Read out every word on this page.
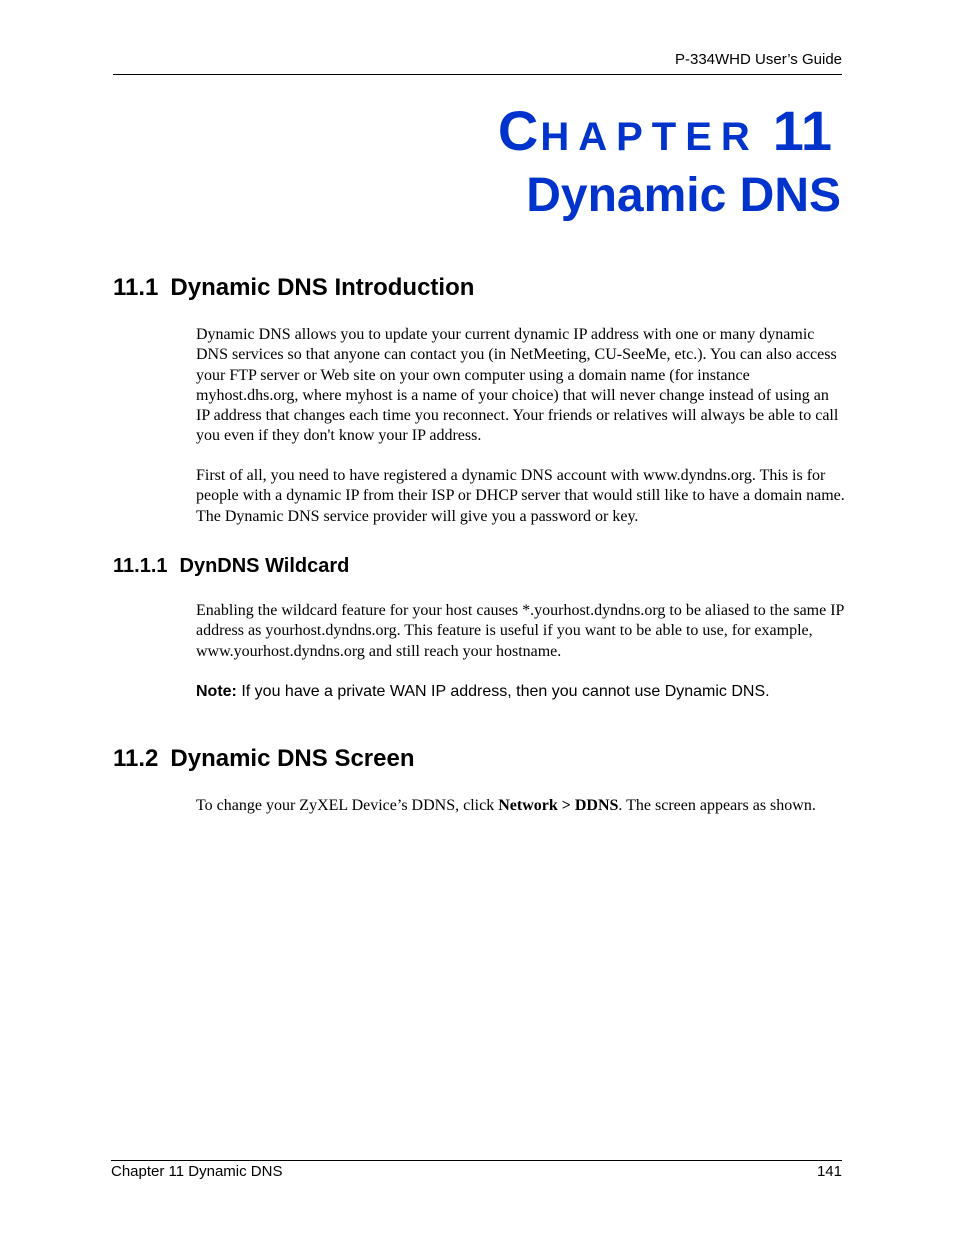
P-334WHD User’s Guide
CHAPTER 11
Dynamic DNS
11.1 Dynamic DNS Introduction

Dynamic DNS allows you to update your current dynamic IP address with one or many dynamic DNS services so that anyone can contact you (in NetMeeting, CU-SeeMe, etc.). You can also access your FTP server or Web site on your own computer using a domain name (for instance myhost.dhs.org, where myhost is a name of your choice) that will never change instead of using an IP address that changes each time you reconnect. Your friends or relatives will always be able to call you even if they don't know your IP address.

First of all, you need to have registered a dynamic DNS account with www.dyndns.org. This is for people with a dynamic IP from their ISP or DHCP server that would still like to have a domain name. The Dynamic DNS service provider will give you a password or key.

11.1.1 DynDNS Wildcard

Enabling the wildcard feature for your host causes *.yourhost.dyndns.org to be aliased to the same IP address as yourhost.dyndns.org. This feature is useful if you want to be able to use, for example, www.yourhost.dyndns.org and still reach your hostname.

Note: If you have a private WAN IP address, then you cannot use Dynamic DNS.

11.2 Dynamic DNS Screen

To change your ZyXEL Device’s DDNS, click Network > DDNS. The screen appears as shown.

Chapter 11 Dynamic DNS	141
